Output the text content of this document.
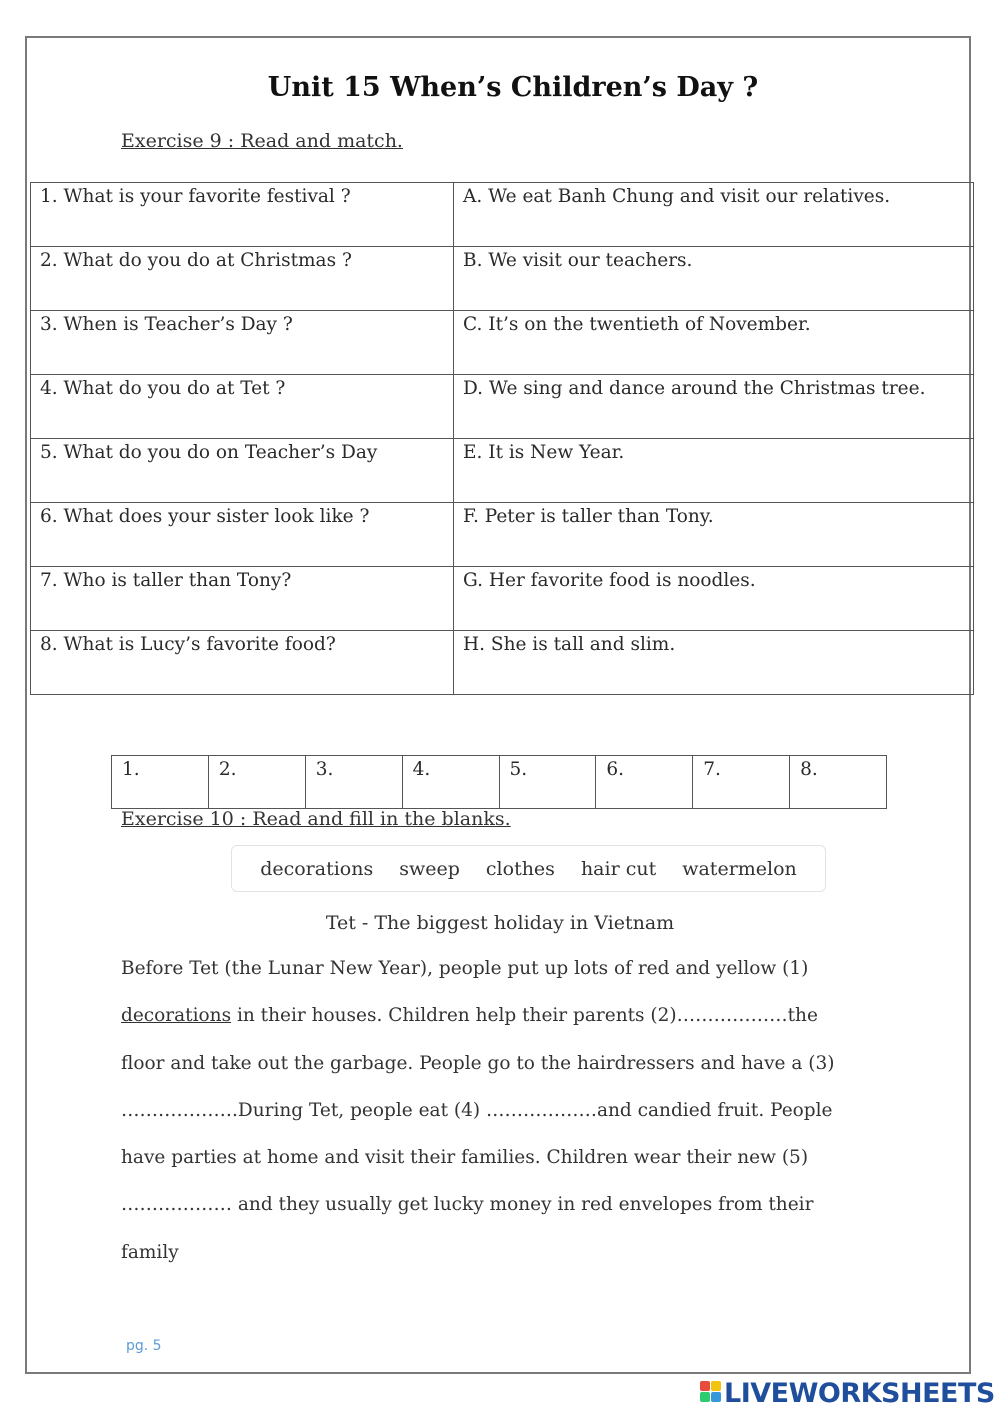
Unit 15 When’s Children’s Day ?
Exercise 9 : Read and match.
1. What is your favorite festival ?	A. We eat Banh Chung and visit our relatives.
2. What do you do at Christmas ?	B. We visit our teachers.
3. When is Teacher’s Day ?	C. It’s on the twentieth of November.
4. What do you do at Tet ?	D. We sing and dance around the Christmas tree.
5. What do you do on Teacher’s Day	E. It is New Year.
6. What does your sister look like ?	F. Peter is taller than Tony.
7. Who is taller than Tony?	G. Her favorite food is noodles.
8. What is Lucy’s favorite food?	H. She is tall and slim.
1.	2.	3.	4.	5.	6.	7.	8.
Exercise 10 : Read and fill in the blanks.
decorations sweep clothes hair cut watermelon
Tet - The biggest holiday in Vietnam
Before Tet (the Lunar New Year), people put up lots of red and yellow (1)
decorations in their houses. Children help their parents (2)………………the
floor and take out the garbage. People go to the hairdressers and have a (3)
……………….During Tet, people eat (4) ………………and candied fruit. People
have parties at home and visit their families. Children wear their new (5)
……………… and they usually get lucky money in red envelopes from their
family
pg. 5
LIVEWORKSHEETS
